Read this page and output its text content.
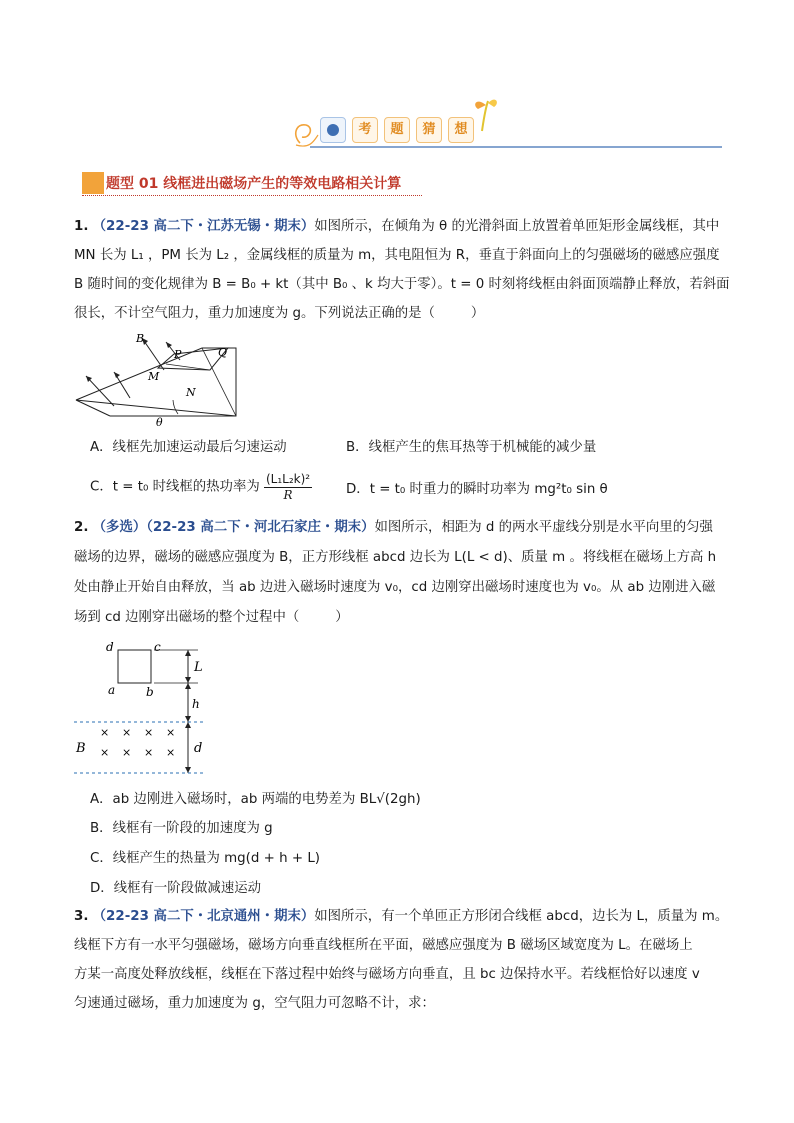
考	题	猜	想
题型 01 线框进出磁场产生的等效电路相关计算
1. （22-23 高二下・江苏无锡・期末）如图所示，在倾角为 θ 的光滑斜面上放置着单匝矩形金属线框，其中
MN 长为 L₁ ，PM 长为 L₂ ，金属线框的质量为 m，其电阻恒为 R，垂直于斜面向上的匀强磁场的磁感应强度
B 随时间的变化规律为 B = B₀ + kt（其中 B₀ 、k 均大于零）。t = 0 时刻将线框由斜面顶端静止释放，若斜面
很长，不计空气阻力，重力加速度为 g。下列说法正确的是（	）
B
P
M
N
Q
θ
A．线框先加速运动最后匀速运动	B．线框产生的焦耳热等于机械能的减少量
C．t = t₀ 时线框的热功率为 $\frac{\text{(L₁L₂k)²}}{R}$	D．t = t₀ 时重力的瞬时功率为 mg²t₀ sin θ
2. （多选）（22-23 高二下・河北石家庄・期末）如图所示，相距为 d 的两水平虚线分别是水平向里的匀强
磁场的边界，磁场的磁感应强度为 B，正方形线框 abcd 边长为 L(L < d)、质量 m 。将线框在磁场上方高 h
处由静止开始自由释放，当 ab 边进入磁场时速度为 v₀，cd 边刚穿出磁场时速度也为 v₀。从 ab 边刚进入磁
场到 cd 边刚穿出磁场的整个过程中（	）
d	c
a	b
L
h
B	d
× × × ×
× × × ×
A．ab 边刚进入磁场时，ab 两端的电势差为 BL√(2gh)
B．线框有一阶段的加速度为 g
C．线框产生的热量为 mg(d + h + L)
D．线框有一阶段做减速运动
3. （22-23 高二下・北京通州・期末）如图所示，有一个单匝正方形闭合线框 abcd，边长为 L，质量为 m。
线框下方有一水平匀强磁场，磁场方向垂直线框所在平面，磁感应强度为 B 磁场区域宽度为 L。在磁场上
方某一高度处释放线框，线框在下落过程中始终与磁场方向垂直，且 bc 边保持水平。若线框恰好以速度 v
匀速通过磁场，重力加速度为 g，空气阻力可忽略不计，求：
